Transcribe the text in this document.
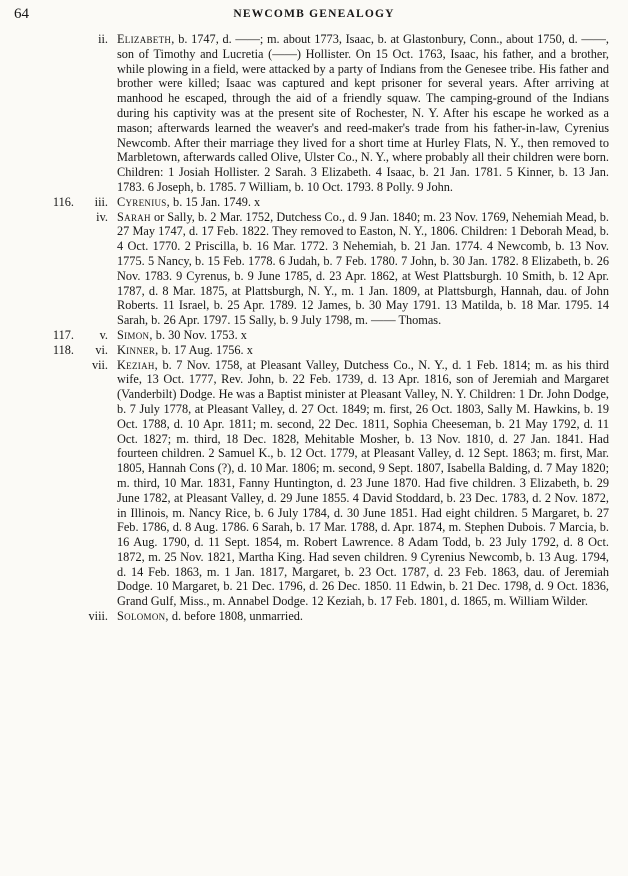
64	NEWCOMB GENEALOGY
ii. Elizabeth, b. 1747, d. ——; m. about 1773, Isaac, b. at Glastonbury, Conn., about 1750, d. ——, son of Timothy and Lucretia (——) Hollister. On 15 Oct. 1763, Isaac, his father, and a brother, while plowing in a field, were attacked by a party of Indians from the Genesee tribe. His father and brother were killed; Isaac was captured and kept prisoner for several years. After arriving at manhood he escaped, through the aid of a friendly squaw. The camping-ground of the Indians during his captivity was at the present site of Rochester, N. Y. After his escape he worked as a mason; afterwards learned the weaver's and reed-maker's trade from his father-in-law, Cyrenius Newcomb. After their marriage they lived for a short time at Hurley Flats, N. Y., then removed to Marbletown, afterwards called Olive, Ulster Co., N. Y., where probably all their children were born. Children: 1 Josiah Hollister. 2 Sarah. 3 Elizabeth. 4 Isaac, b. 21 Jan. 1781. 5 Kinner, b. 13 Jan. 1783. 6 Joseph, b. 1785. 7 William, b. 10 Oct. 1793. 8 Polly. 9 John.
116.	iii. Cyrenius, b. 15 Jan. 1749. x
iv. Sarah or Sally, b. 2 Mar. 1752, Dutchess Co., d. 9 Jan. 1840; m. 23 Nov. 1769, Nehemiah Mead, b. 27 May 1747, d. 17 Feb. 1822. They removed to Easton, N. Y., 1806. Children: 1 Deborah Mead, b. 4 Oct. 1770. 2 Priscilla, b. 16 Mar. 1772. 3 Nehemiah, b. 21 Jan. 1774. 4 Newcomb, b. 13 Nov. 1775. 5 Nancy, b. 15 Feb. 1778. 6 Judah, b. 7 Feb. 1780. 7 John, b. 30 Jan. 1782. 8 Elizabeth, b. 26 Nov. 1783. 9 Cyrenus, b. 9 June 1785, d. 23 Apr. 1862, at West Plattsburgh. 10 Smith, b. 12 Apr. 1787, d. 8 Mar. 1875, at Plattsburgh, N. Y., m. 1 Jan. 1809, at Plattsburgh, Hannah, dau. of John Roberts. 11 Israel, b. 25 Apr. 1789. 12 James, b. 30 May 1791. 13 Matilda, b. 18 Mar. 1795. 14 Sarah, b. 26 Apr. 1797. 15 Sally, b. 9 July 1798, m. —— Thomas.
117.	v. Simon, b. 30 Nov. 1753. x
118.	vi. Kinner, b. 17 Aug. 1756. x
vii. Keziah, b. 7 Nov. 1758, at Pleasant Valley, Dutchess Co., N. Y., d. 1 Feb. 1814; m. as his third wife, 13 Oct. 1777, Rev. John, b. 22 Feb. 1739, d. 13 Apr. 1816, son of Jeremiah and Margaret (Vanderbilt) Dodge. He was a Baptist minister at Pleasant Valley, N. Y. Children: 1 Dr. John Dodge, b. 7 July 1778, at Pleasant Valley, d. 27 Oct. 1849; m. first, 26 Oct. 1803, Sally M. Hawkins, b. 19 Oct. 1788, d. 10 Apr. 1811; m. second, 22 Dec. 1811, Sophia Cheeseman, b. 21 May 1792, d. 11 Oct. 1827; m. third, 18 Dec. 1828, Mehitable Mosher, b. 13 Nov. 1810, d. 27 Jan. 1841. Had fourteen children. 2 Samuel K., b. 12 Oct. 1779, at Pleasant Valley, d. 12 Sept. 1863; m. first, Mar. 1805, Hannah Cons (?), d. 10 Mar. 1806; m. second, 9 Sept. 1807, Isabella Balding, d. 7 May 1820; m. third, 10 Mar. 1831, Fanny Huntington, d. 23 June 1870. Had five children. 3 Elizabeth, b. 29 June 1782, at Pleasant Valley, d. 29 June 1855. 4 David Stoddard, b. 23 Dec. 1783, d. 2 Nov. 1872, in Illinois, m. Nancy Rice, b. 6 July 1784, d. 30 June 1851. Had eight children. 5 Margaret, b. 27 Feb. 1786, d. 8 Aug. 1786. 6 Sarah, b. 17 Mar. 1788, d. Apr. 1874, m. Stephen Dubois. 7 Marcia, b. 16 Aug. 1790, d. 11 Sept. 1854, m. Robert Lawrence. 8 Adam Todd, b. 23 July 1792, d. 8 Oct. 1872, m. 25 Nov. 1821, Martha King. Had seven children. 9 Cyrenius Newcomb, b. 13 Aug. 1794, d. 14 Feb. 1863, m. 1 Jan. 1817, Margaret, b. 23 Oct. 1787, d. 23 Feb. 1863, dau. of Jeremiah Dodge. 10 Margaret, b. 21 Dec. 1796, d. 26 Dec. 1850. 11 Edwin, b. 21 Dec. 1798, d. 9 Oct. 1836, Grand Gulf, Miss., m. Annabel Dodge. 12 Keziah, b. 17 Feb. 1801, d. 1865, m. William Wilder.
viii. Solomon, d. before 1808, unmarried.
